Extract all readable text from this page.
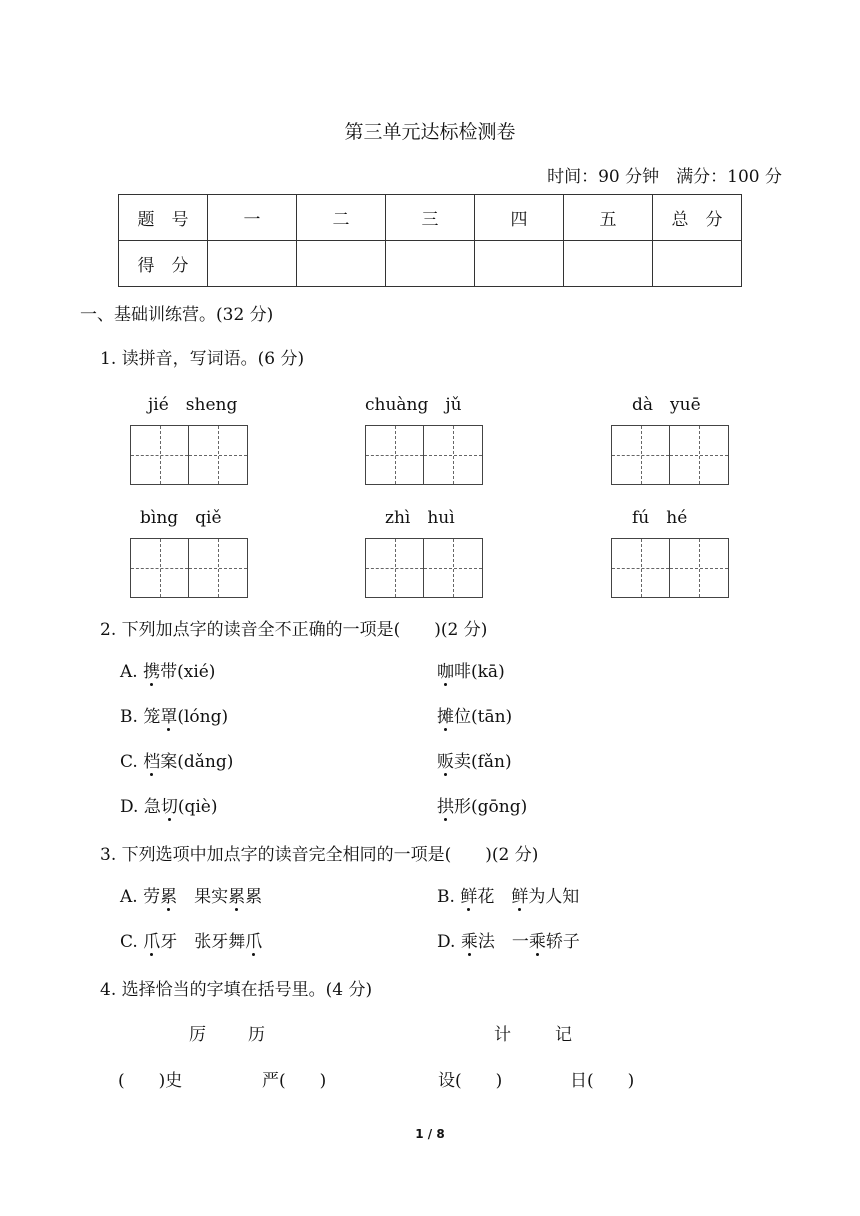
第三单元达标检测卷
时间：90 分钟　满分：100 分
题　号	一	二	三	四	五	总　分
得　分						
一、基础训练营。(32 分)
1. 读拼音，写词语。(6 分)
jié　sheng	chuàng　jǔ	dà　yuē
bìng　qiě	zhì　huì	fú　hé
2. 下列加点字的读音全不正确的一项是(　　)(2 分)
A. 携带(xié)	咖啡(kā)
B. 笼罩(lóng)	摊位(tān)
C. 档案(dǎng)	贩卖(fǎn)
D. 急切(qiè)	拱形(gōng)
3. 下列选项中加点字的读音完全相同的一项是(　　)(2 分)
A. 劳累　果实累累	B. 鲜花　鲜为人知
C. 爪牙　张牙舞爪	D. 乘法　一乘轿子
4. 选择恰当的字填在括号里。(4 分)
厉 历	计	记
(　　)史	严(　　)	设(　　)	日(　　)
1 / 8
